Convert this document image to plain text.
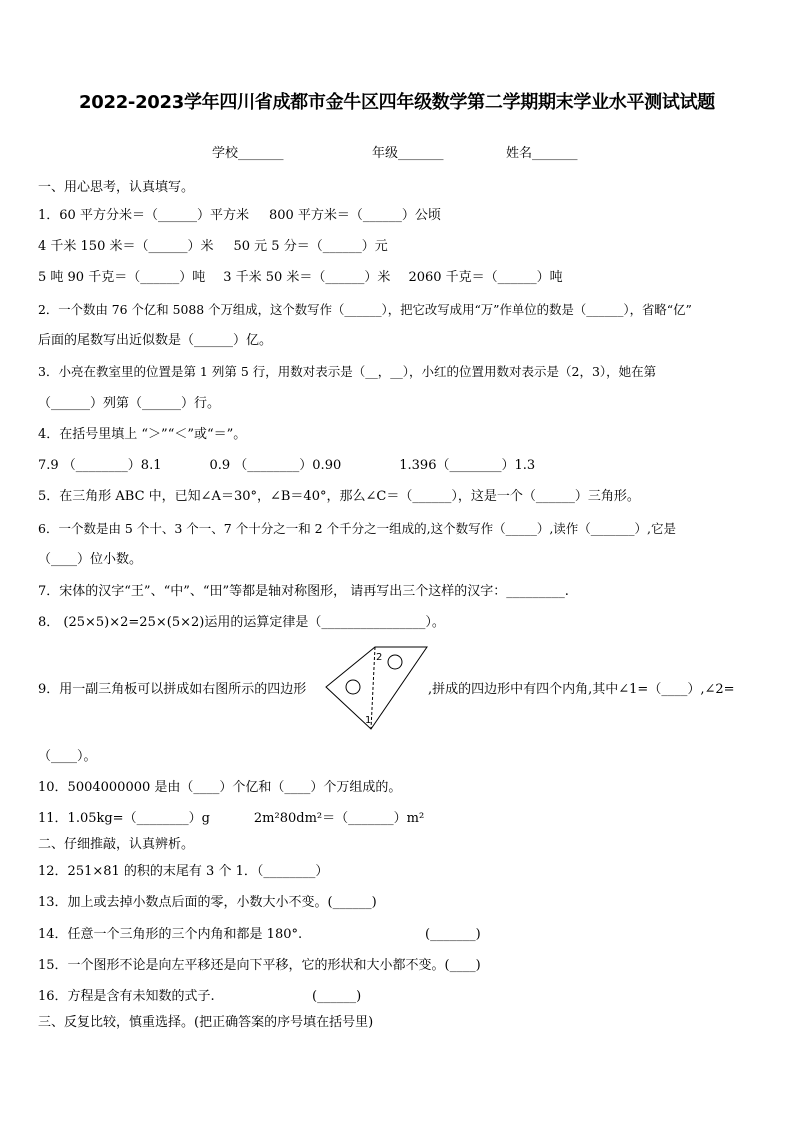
2022-2023学年四川省成都市金牛区四年级数学第二学期期末学业水平测试试题
学校_______	年级_______	姓名_______
一、用心思考，认真填写。
1．60 平方分米＝（______）平方米 800 平方米＝（______）公顷
4 千米 150 米＝（______）米 50 元 5 分＝（______）元
5 吨 90 千克＝（______）吨 3 千米 50 米＝（______）米 2060 千克＝（______）吨
2．一个数由 76 个亿和 5088 个万组成，这个数写作（______），把它改写成用“万”作单位的数是（______），省略“亿”
后面的尾数写出近似数是（______）亿。
3．小亮在教室里的位置是第 1 列第 5 行，用数对表示是（__，__），小红的位置用数对表示是（2，3），她在第
（______）列第（______）行。
4．在括号里填上 “＞”“＜”或“＝”。
7.9 （________）8.1	0.9 （________）0.90	1.396（________）1.3
5．在三角形 ABC 中，已知∠A＝30°，∠B＝40°，那么∠C＝（______），这是一个（______）三角形。
6．一个数是由 5 个十、3 个一、7 个十分之一和 2 个千分之一组成的,这个数写作（_____）,读作（_______）,它是
（____）位小数。
7．宋体的汉字“王”、“中”、“田”等都是轴对称图形， 请再写出三个这样的汉字：_________.
8． (25×5)×2=25×(5×2)运用的运算定律是（________________）。
9．用一副三角板可以拼成如右图所示的四边形	,拼成的四边形中有四个内角,其中∠1=（____）,∠2=
2
1
（____）。
10．5004000000 是由（____）个亿和（____）个万组成的。
11．1.05kg=（________）g	2m²80dm²＝（_______）m²
二、仔细推敲，认真辨析。
12．251×81 的积的末尾有 3 个 1．（________）
13．加上或去掉小数点后面的零，小数大小不变。(______)
14．任意一个三角形的三个内角和都是 180°.	(_______)
15．一个图形不论是向左平移还是向下平移，它的形状和大小都不变。(____)
16．方程是含有未知数的式子.	(______)
三、反复比较，慎重选择。(把正确答案的序号填在括号里)
